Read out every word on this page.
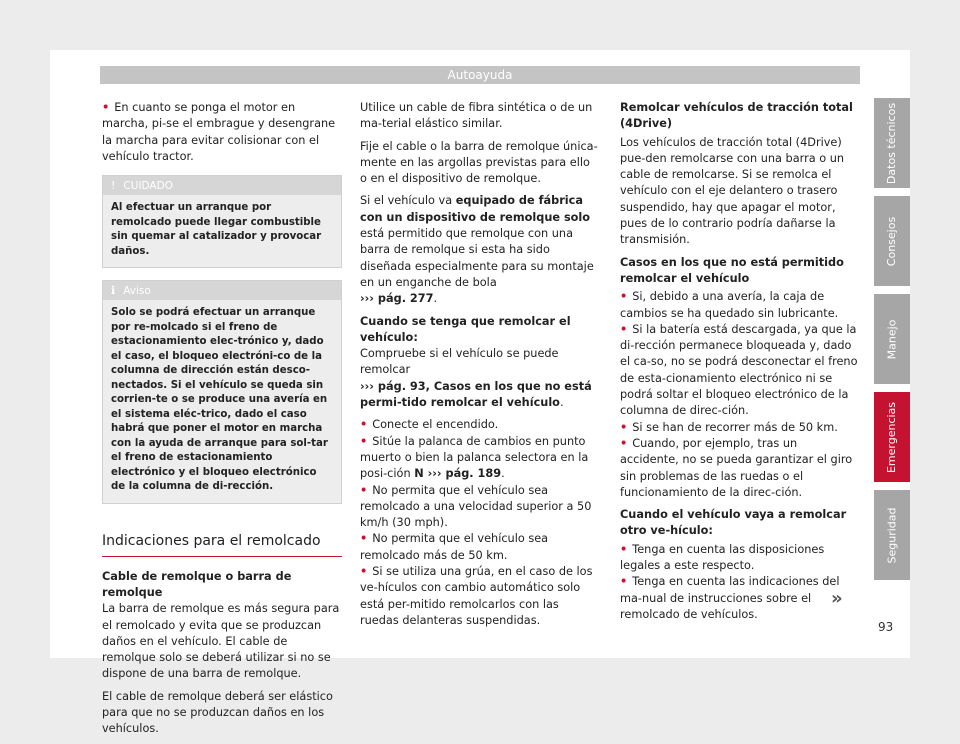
Autoayuda

• En cuanto se ponga el motor en marcha, pi-se el embrague y desengrane la marcha para evitar colisionar con el vehículo tractor.

! CUIDADO
Al efectuar un arranque por remolcado puede llegar combustible sin quemar al catalizador y provocar daños.
ℹ Aviso
Solo se podrá efectuar un arranque por re-molcado si el freno de estacionamiento elec-trónico y, dado el caso, el bloqueo electróni-co de la columna de dirección están desco-nectados. Si el vehículo se queda sin corrien-te o se produce una avería en el sistema eléc-trico, dado el caso habrá que poner el motor en marcha con la ayuda de arranque para sol-tar el freno de estacionamiento electrónico y el bloqueo electrónico de la columna de di-rección.
Indicaciones para el remolcado

Cable de remolque o barra de remolque

La barra de remolque es más segura para el remolcado y evita que se produzcan daños en el vehículo. El cable de remolque solo se deberá utilizar si no se dispone de una barra de remolque.

El cable de remolque deberá ser elástico para que no se produzcan daños en los vehículos.

Utilice un cable de fibra sintética o de un ma-terial elástico similar.

Fije el cable o la barra de remolque única-mente en las argollas previstas para ello o en el dispositivo de remolque.

Si el vehículo va equipado de fábrica con un dispositivo de remolque solo está permitido que remolque con una barra de remolque si esta ha sido diseñada especialmente para su montaje en un enganche de bola
››› pág. 277.

Cuando se tenga que remolcar el vehículo:

Compruebe si el vehículo se puede remolcar
››› pág. 93, Casos en los que no está permi-tido remolcar el vehículo.

• Conecte el encendido.

• Sitúe la palanca de cambios en punto muerto o bien la palanca selectora en la posi-ción N ››› pág. 189.

• No permita que el vehículo sea remolcado a una velocidad superior a 50 km/h (30 mph).

• No permita que el vehículo sea remolcado más de 50 km.

• Si se utiliza una grúa, en el caso de los ve-hículos con cambio automático solo está per-mitido remolcarlos con las ruedas delanteras suspendidas.

Remolcar vehículos de tracción total (4Drive)

Los vehículos de tracción total (4Drive) pue-den remolcarse con una barra o un cable de remolcarse. Si se remolca el vehículo con el eje delantero o trasero suspendido, hay que apagar el motor, pues de lo contrario podría dañarse la transmisión.

Casos en los que no está permitido remolcar el vehículo

• Si, debido a una avería, la caja de cambios se ha quedado sin lubricante.

• Si la batería está descargada, ya que la di-rección permanece bloqueada y, dado el ca-so, no se podrá desconectar el freno de esta-cionamiento electrónico ni se podrá soltar el bloqueo electrónico de la columna de direc-ción.

• Si se han de recorrer más de 50 km.

• Cuando, por ejemplo, tras un accidente, no se pueda garantizar el giro sin problemas de las ruedas o el funcionamiento de la direc-ción.

Cuando el vehículo vaya a remolcar otro ve-hículo:

• Tenga en cuenta las disposiciones legales a este respecto.

• Tenga en cuenta las indicaciones del ma-nual de instrucciones sobre el remolcado de vehículos.

Datos técnicos
Consejos
Manejo
Emergencias
Seguridad
»
93
